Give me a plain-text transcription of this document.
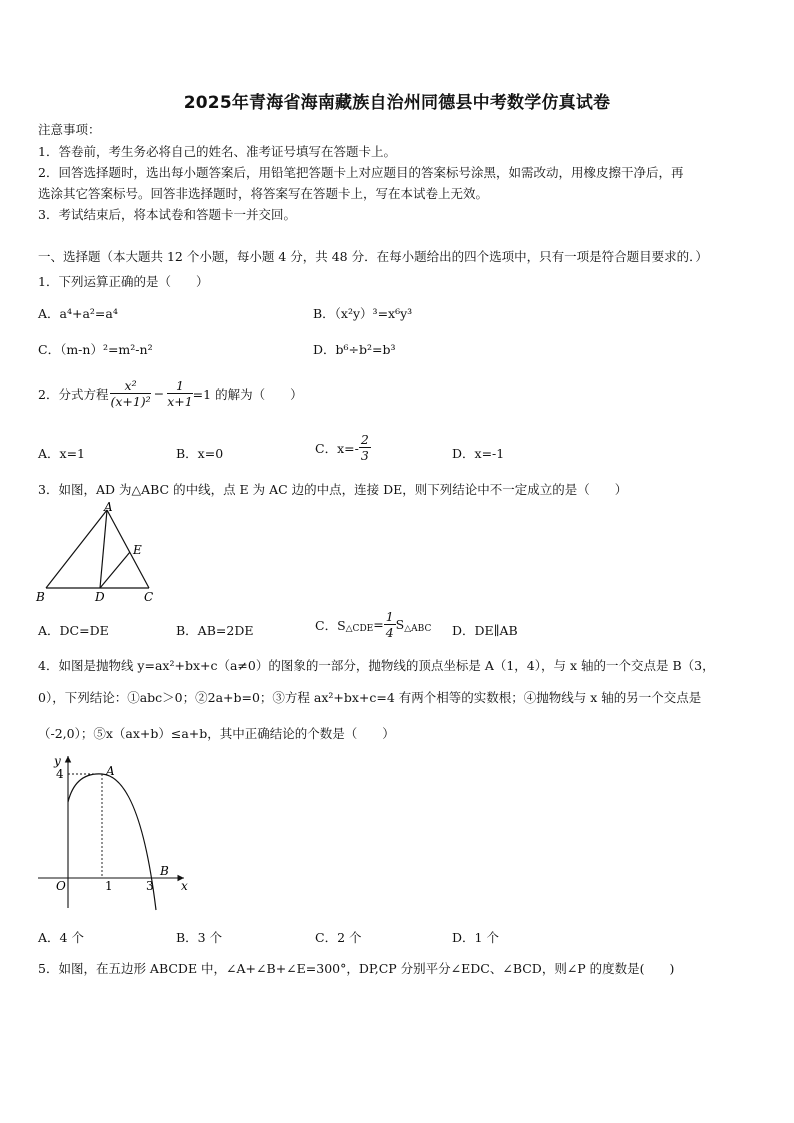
2025年青海省海南藏族自治州同德县中考数学仿真试卷
注意事项：
1．答卷前，考生务必将自己的姓名、准考证号填写在答题卡上。
2．回答选择题时，选出每小题答案后，用铅笔把答题卡上对应题目的答案标号涂黑，如需改动，用橡皮擦干净后，再
选涂其它答案标号。回答非选择题时，将答案写在答题卡上，写在本试卷上无效。
3．考试结束后，将本试卷和答题卡一并交回。
一、选择题（本大题共 12 个小题，每小题 4 分，共 48 分．在每小题给出的四个选项中，只有一项是符合题目要求的．）
1．下列运算正确的是（　　）
A．a⁴+a²=a⁴	B．（x²y）³=x⁶y³
C．（m-n）²=m²-n²	D．b⁶÷b²=b³
2．分式方程 $\frac{\text{x²}}{\text{(x+1)²}} - \frac{1}{x+1} =1$ 的解为（　　）
A．x=1	B．x=0	C．$x=- \frac{2}{3}$	D．x=-1
3．如图，AD 为△ABC 的中线，点 E 为 AC 边的中点，连接 DE，则下列结论中不一定成立的是（　　）
A
B	C
D
E
A．DC=DE	B．AB=2DE	C．S △CDE = $\frac{1}{4}$ S △ABC D．DE∥AB
4．如图是抛物线 y=ax²+bx+c（a≠0）的图象的一部分，抛物线的顶点坐标是 A（1，4），与 x 轴的一个交点是 B（3，
0），下列结论：①abc＞0；②2a+b=0；③方程 ax²+bx+c=4 有两个相等的实数根；④抛物线与 x 轴的另一个交点是
（-2,0）；⑤x（ax+b）≤a+b，其中正确结论的个数是（　　）
y
x
O
4
1	3
A
B
A．4 个	B．3 个	C．2 个	D．1 个
5．如图，在五边形 ABCDE 中，∠A+∠B+∠E=300°，DP,CP 分别平分∠EDC、∠BCD，则∠P 的度数是(　　)
